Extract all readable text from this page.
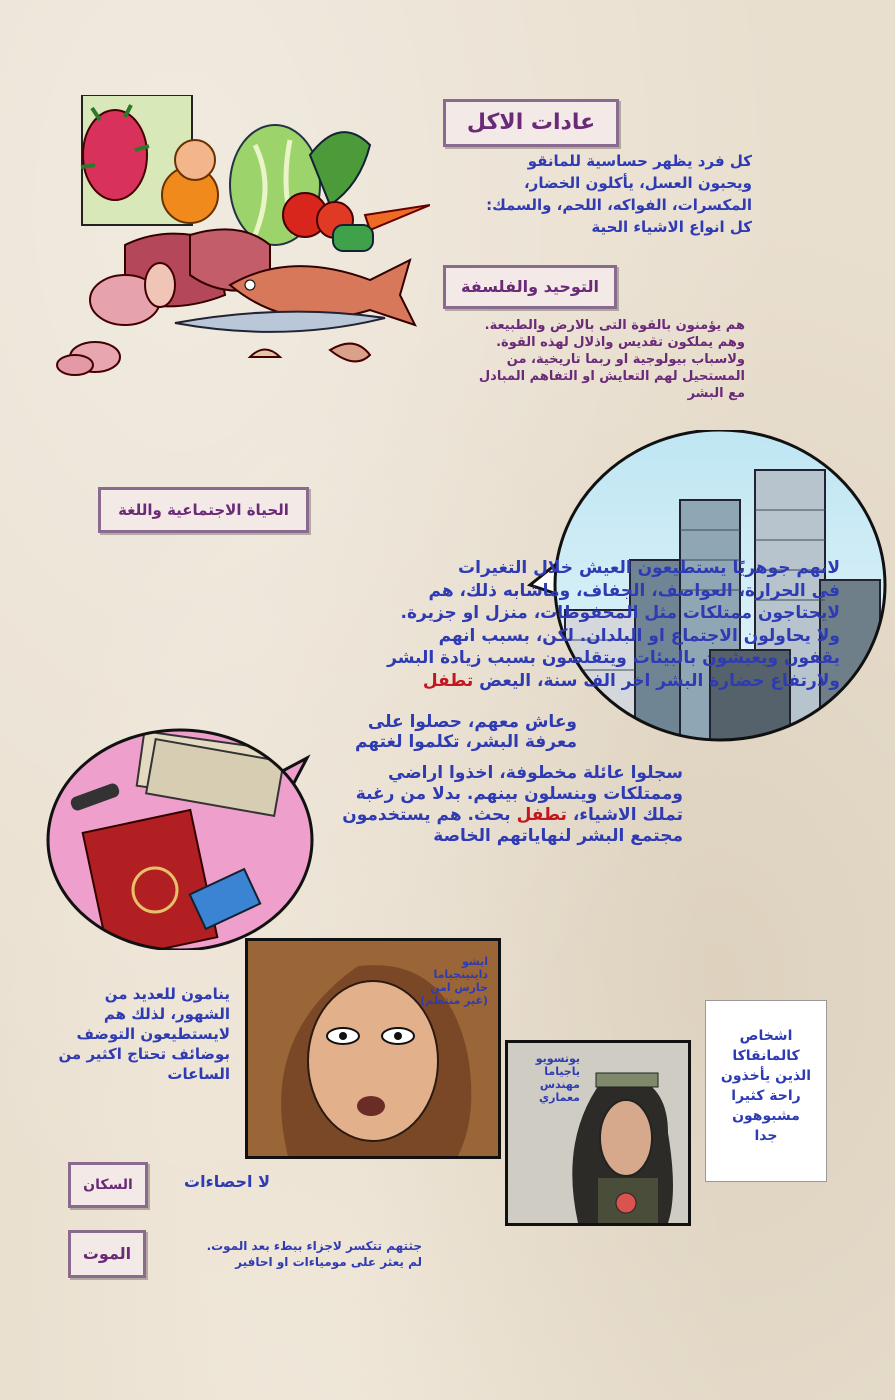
عادات الاكل

كل فرد يظهر حساسية للمانقو

ويحبون العسل، يأكلون الخضار،

المكسرات، الفواكه، اللحم، والسمك:

كل انواع الاشياء الحية

التوحيد والفلسفة

هم يؤمنون بالقوة التى بالارض والطبيعة.

وهم يملكون تقديس واذلال لهذه القوة.

ولاسباب بيولوجية او ربما تاريخية، من

المستحيل لهم التعايش او التفاهم المبادل

مع البشر

الحياة الاجتماعية واللغة

لانهم جوهريًا يستطيعون العيش خلال التغيرات

فى الحرارة، العواصف، الجفاف، وماشابه ذلك، هم

لايحتاجون ممتلكات مثل المحفوظات، منزل او جزيرة.

ولا يحاولون الاجتماع او البلدان. لكن، بسبب انهم

يقفون ويعيشون بالبيئات ويتقلصون بسبب زيادة البشر

ولارتفاع حضارة البشر اخر الف سنة، اليعض تطفل

وعاش معهم، حصلوا على

معرفة البشر، تكلموا لغتهم

سجلوا عائلة مخطوفة، اخذوا اراضي

وممتلكات وينسلون بينهم. بدلا من رغبة

تملك الاشياء، تطفل بحث. هم يستخدمون

مجتمع البشر لنهاياتهم الخاصة

ايشو

داينينجياما

حارس امن

(غير منتظم)

ينامون للعديد من

الشهور، لذلك هم

لايستطيعون التوضف

بوضائف تحتاج اكثير من

الساعات

يوتسويو

ياجياما

مهندس

معماري

اشخاص

كالمانقاكا

الذين يأخذون

راحة كثيرا

مشبوهون

جدا

السكان	لا احصاءات
الموت	جثتهم تتكسر لاجزاء ببطء بعد الموت.

لم يعثر على مومياءات او احافير
